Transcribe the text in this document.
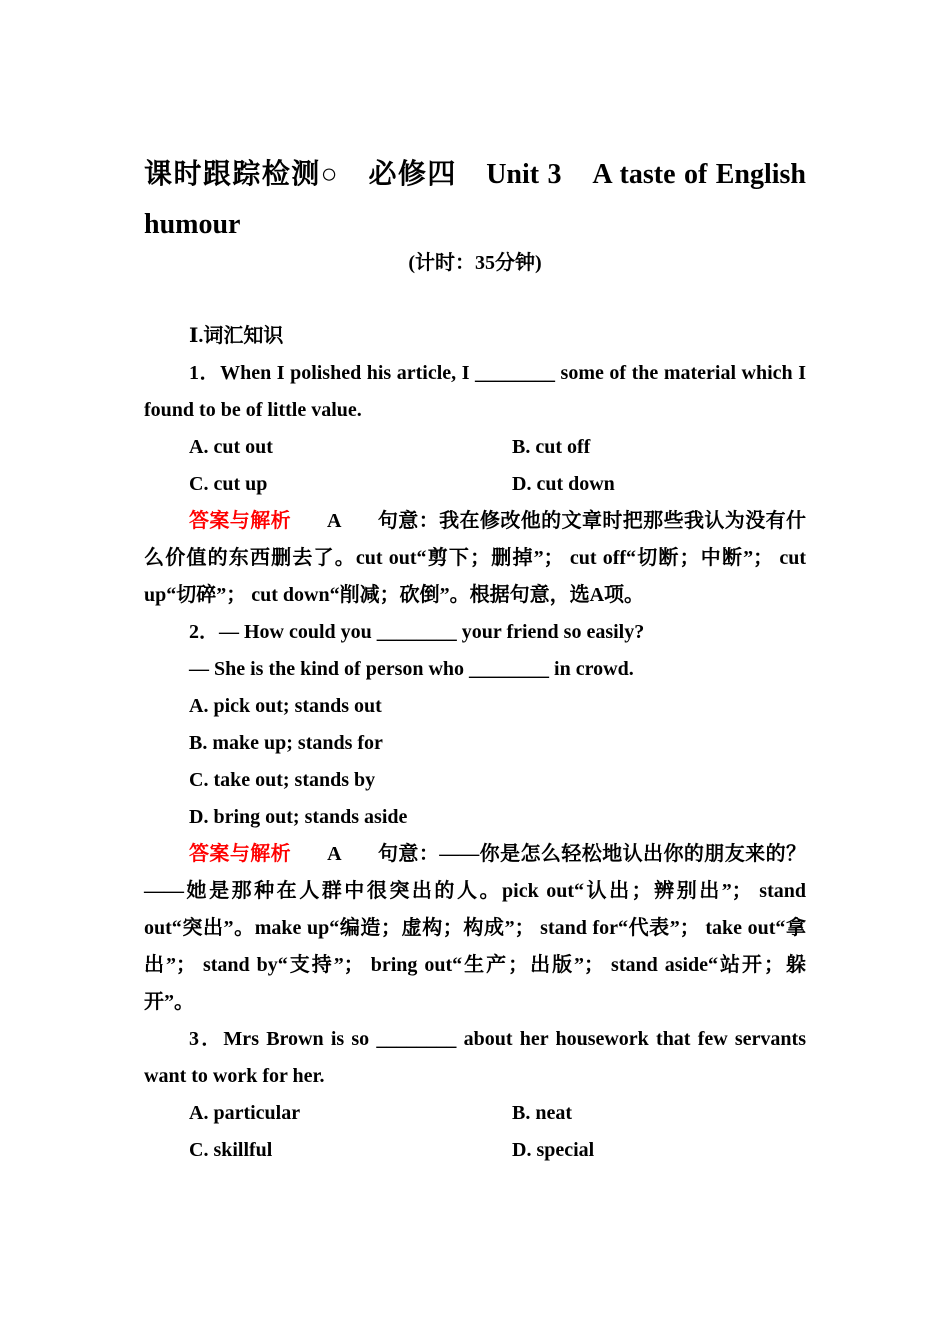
课时跟踪检测○　必修四　Unit 3　A taste of English humour
(计时：35分钟)
Ⅰ.词汇知识
1．When I polished his article, I ________ some of the material which I found to be of little value.
A. cut out	B. cut off
C. cut up	D. cut down
答案与解析 A 句意：我在修改他的文章时把那些我认为没有什么价值的东西删去了。cut out“剪下；删掉”； cut off“切断；中断”； cut up“切碎”； cut down“削减；砍倒”。根据句意，选A项。
2．— How could you ________ your friend so easily?
— She is the kind of person who ________ in crowd.
A. pick out; stands out
B. make up; stands for
C. take out; stands by
D. bring out; stands aside
答案与解析 A 句意：——你是怎么轻松地认出你的朋友来的？——她是那种在人群中很突出的人。pick out“认出；辨别出”； stand out“突出”。make up“编造；虚构；构成”； stand for“代表”； take out“拿出”； stand by“支持”； bring out“生产；出版”； stand aside“站开；躲开”。
3．Mrs Brown is so ________ about her housework that few servants want to work for her.
A. particular	B. neat
C. skillful	D. special
